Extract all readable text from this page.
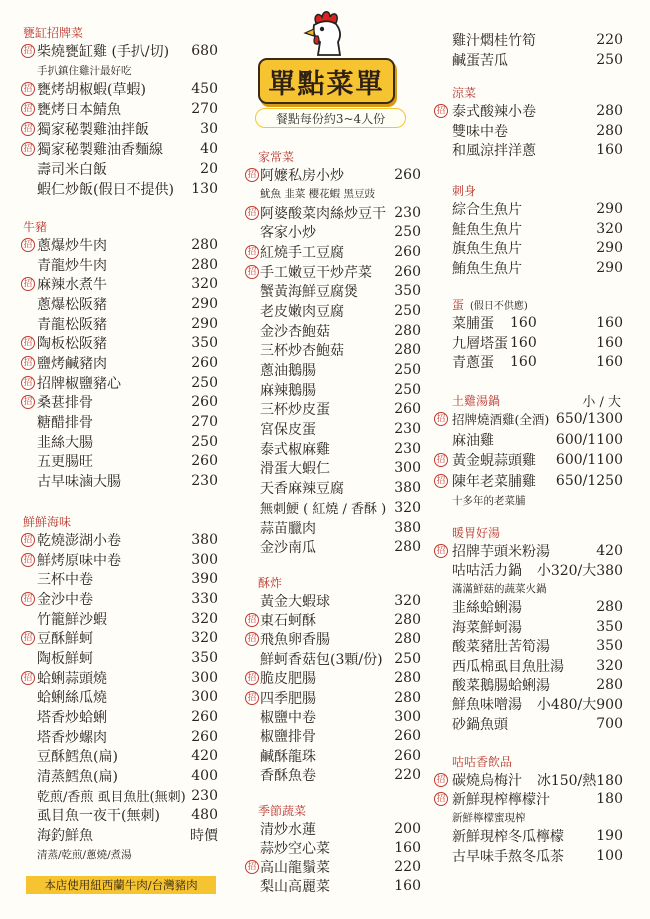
單點菜單
餐點每份約3~4人份
甕缸招牌菜
招 柴燒甕缸雞 (手扒/切) 680
手扒鎮住雞汁最好吃
招 甕烤胡椒蝦(草蝦)	450
招 甕烤日本鯖魚	270
招 獨家秘製雞油拌飯	30
招 獨家秘製雞油香麵線	40
壽司米白飯	20
蝦仁炒飯(假日不提供) 130
牛豬
招 蔥爆炒牛肉	280
青龍炒牛肉	280
招 麻辣水煮牛	320
蔥爆松阪豬	290
青龍松阪豬	290
招 陶板松阪豬	350
招 鹽烤鹹豬肉	260
招 招牌椒鹽豬心	250
招 桑葚排骨	260
糖醋排骨	270
韭絲大腸	250
五更腸旺	260
古早味滷大腸	230
鮮鮮海味
招 乾燒澎湖小卷	380
招 鮮烤原味中卷	300
三杯中卷	390
招 金沙中卷	330
竹籠鮮沙蝦	320
招 豆酥鮮蚵	320
陶板鮮蚵	350
招 蛤蜊蒜頭燒	300
蛤蜊絲瓜燒	300
塔香炒蛤蜊	260
塔香炒螺肉	260
豆酥鱈魚(扁)	420
清蒸鱈魚(扁)	400
乾煎/香煎 虱目魚肚(無刺) 230
虱目魚一夜干(無刺) 480
海釣鮮魚	時價
清蒸/乾煎/蔥燒/煮湯
家常菜
招 阿嬤私房小炒	260
魷魚 韭菜 櫻花蝦 黑豆豉
招 阿婆酸菜肉絲炒豆干 230
客家小炒	250
招 紅燒手工豆腐	260
招 手工嫩豆干炒芹菜 260
蟹黃海鮮豆腐煲	350
老皮嫩肉豆腐	250
金沙杏鮑菇	280
三杯炒杏鮑菇	280
蔥油鵝腸	250
麻辣鵝腸	250
三杯炒皮蛋	260
宮保皮蛋	230
泰式椒麻雞	230
滑蛋大蝦仁	300
天香麻辣豆腐	380
無刺鯁 ( 紅燒 / 香酥 ) 320
蒜苗臘肉	380
金沙南瓜	280
酥炸
黃金大蝦球	320
招 東石蚵酥	280
招 飛魚卵香腸	280
鮮蚵香菇包(3顆/份) 250
招 脆皮肥腸	280
招 四季肥腸	280
椒鹽中卷	300
椒鹽排骨	260
鹹酥龍珠	260
香酥魚卷	220
季節蔬菜
清炒水蓮	200
蒜炒空心菜	160
招 高山龍鬚菜	220
梨山高麗菜	160
雞汁燜桂竹筍	220
鹹蛋苦瓜	250
涼菜
招 泰式酸辣小卷	280
雙味中卷	280
和風涼拌洋蔥	160
刺身
綜合生魚片	290
鮭魚生魚片	320
旗魚生魚片	290
鮪魚生魚片	290
蛋 (假日不供應)
菜脯蛋 160	160
九層塔蛋 160	160
青蔥蛋 160	160
土雞湯鍋	小 / 大
招 招牌燒酒雞(全酒) 650/1300
麻油雞	600/1100
招 黃金蜆蒜頭雞 600/1100
招 陳年老菜脯雞 650/1250
十多年的老菜脯
暖胃好湯
招 招牌芋頭米粉湯	420
咕咕活力鍋 小320/大380
滿滿鮮菇的蔬菜火鍋
韭絲蛤蜊湯	280
海菜鮮蚵湯	350
酸菜豬肚苦筍湯	350
西瓜棉虱目魚肚湯 320
酸菜鵝腸蛤蜊湯	280
鮮魚味噌湯 小480/大900
砂鍋魚頭	700
咕咕香飲品
招 碳燒烏梅汁 冰150/熱180
招 新鮮現榨檸檬汁	180
新鮮檸檬蜜現榨
新鮮現榨冬瓜檸檬 190
古早味手熬冬瓜茶 100
本店使用紐西蘭牛肉/台灣豬肉
